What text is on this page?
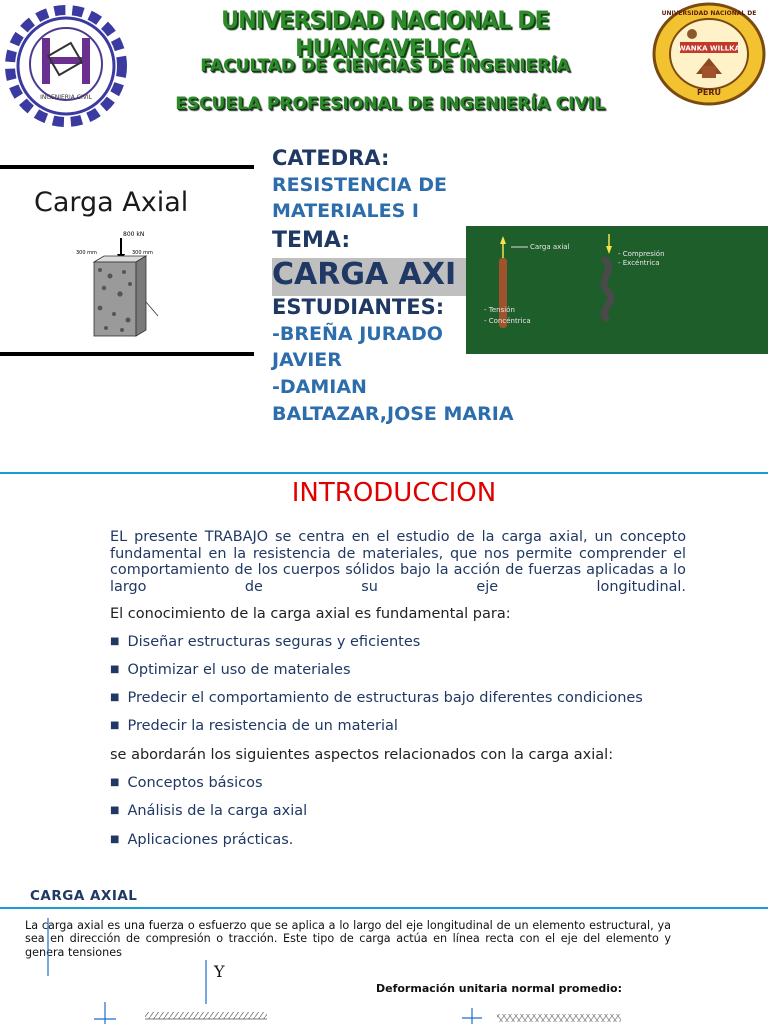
INGENIERIA CIVIL
UNIVERSIDAD NACIONAL DE HUANCAVELICA
FACULTAD DE CIENCIAS DE INGENIERÍA
ESCUELA PROFESIONAL DE INGENIERÍA CIVIL
WANKA WILLKA
PERU
UNIVERSIDAD NACIONAL DE
Carga Axial
800 kN
300 mm	300 mm
CATEDRA:
RESISTENCIA DE
MATERIALES I
TEMA:
CARGA AXI
ESTUDIANTES:
-BREÑA JURADO
JAVIER
-DAMIAN
BALTAZAR,JOSE MARIA
Carga axial
- Compresión
- Excéntrica
- Tensión
- Concéntrica
INTRODUCCION
EL presente TRABAJO se centra en el estudio de la carga axial, un concepto fundamental en la resistencia de materiales, que nos permite comprender el comportamiento de los cuerpos sólidos bajo la acción de fuerzas aplicadas a lo largo de su eje longitudinal.
El conocimiento de la carga axial es fundamental para:
■ Diseñar estructuras seguras y eficientes
■ Optimizar el uso de materiales
■ Predecir el comportamiento de estructuras bajo diferentes condiciones
■ Predecir la resistencia de un material
se abordarán los siguientes aspectos relacionados con la carga axial:
■ Conceptos básicos
■ Análisis de la carga axial
■ Aplicaciones prácticas.
CARGA AXIAL
La carga axial es una fuerza o esfuerzo que se aplica a lo largo del eje longitudinal de un elemento estructural, ya sea en dirección de compresión o tracción. Este tipo de carga actúa en línea recta con el eje del elemento y genera tensiones
Y
Deformación unitaria normal promedio:
